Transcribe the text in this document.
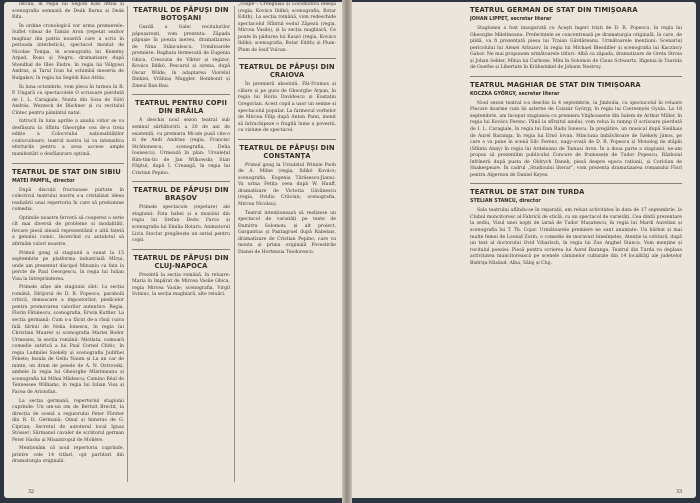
Istvan, în regia lui Segödi Kiss Attila și scenografia semnată de Deák Barna și Deák Rita.

În ordine cronologică vor urma premierele: Suflet viteaz de Tamás Aron (repetat sezitor maghiar din patria noastră care a scris în perioada interbelică), spectacol montat de Nicolae Tompa, în scenografia lui Kemény Arpad, Roșu și Negru, dramatizare după Stendhal de Illés Endre, în regia lui Völgyesi Andras, și Tarul Ivan lui schimbă meseria de Bulgakov, în regia lui Segödi Kiss Attila.

În luna octombrie, vom pleca în turneu în R. P. Ungară cu spectacolele O scrisoare pierdută de I. L. Caragiale, Nunta din Sosa de Sütö András, Wozzeck de Büchner și cu recitalul Cîntec pentru pămîntul natal.

Intrucît în luna aprilie a anului viitor se va desfășura la Sfîntu Gheorghe cea de-a treia ediție a Colocviului naționalităților conlocuitoare, teatrul nostru își va intensifica eforturile pentru a avea accese ample manifestări o desfășurare optimă.

TEATRUL DE STAT DIN SIBIU
MATEI PAMFIL, director

După discuții fructuoase purtate în colectivul teatrului nostru s-a cristalizat ideea realizării unui repertoriu în care să predomine comedia.

Optimile noastre ferveră să cooperez o serie cît mai diversă de probleme și modalități, fiecare piesă aleasă reprezentând o altă fațetă a genului comic, încercînd cu antidotul să afirmăm valori noastre.

Primul gong al stagiunii a sunat la 15 septembrie pe platforma industrială Mîrșa, unde am prezentat discipol Minuniu ca fata la percte de Paul Georgescu, în regia lui Iulian Visa la întreprinderea.

Primele afișe ale stagiunii sînt: 1a secția română, Dirijorul de D. R. Popescu, parabolă critică, demascare a impostorilor, piedicelor pentru promovarea valorilor autentice. Regia, Florin Fătulescu, scenografia, Erwin Kuttler. La secția germană: Cum s-a făcut de-a rîsul cuiva fală hîrtoii de Neka Ionescu, în regia lui Christian Maurer și scenografia Mariei Bodor Urmeanu, la secția română: Mistlata, comoară comedie satirică a lui Paul Cornel Chitic, în regia Ludmilei Szekély și scenografia Judithei Fekete; Insula de Gellu Naum și La un car de minte, un dram de pesele de A. N. Ostrovski, ambele în regia lui Gheorghe Miletineanu și scenografia lui Mihai Mădescu; Camino Réal de Tennessee Williams, în regia lui Iulian Visa și Pacea de Aristofan.

La secția germană, repertoriul stagiunii cuprinde: Un om-un om de Bertolt Brecht, la direcția de scenă a regizorului Peter Förster din R. D. Germană; Omul și himeras de G. Ciprian; Secretul de autoterul local Ignaz Stösser; Sărmanul cavaler de scriitorul german Peter Hacks și Misantropul de Molière.

Menționăm că noul repertoriu cuprinde, printre cele 14 titluri, opt partituri din dramaturgia originală.

TEATRUL DE PĂPUȘI DIN BOTOȘANI

Gazdă a Galei recitalurilor păpușarești, vom prezenta: Zăpada păpușie în poezia mereu, dramatizarea de Nina Stănculescu. Următoarele premiere: Baghata fermecată de Eugenia Ghica, Cresoizia de Viktor și regizor, Kovács Ildikó, Pescarul și sirena, după Oscar Wilde, în adaptarea Viorelul Ilinkiei, Vrăbiaș Muggler, Bombonit și Zmeul Ban-Bau.

TEATRUL PENTRU COPII DIN BRĂILA

A deschis noul sezon teatral sub semnul sărbătoririi a 30 de ani de existență, cu premiera Mi-am pusă cite-o zi de Andi Andrieș (regia, Francisc Strătionescu; scenografia, Delia Ioanescu). Urmează în plan: Ursulețul Rim-tim-tic de Jan Wilkowski; Stan Păţitul, după I. Creangă, în regia lui Cristian Pepino.

TEATRUL DE PĂPUȘI DIN BRAȘOV

Primele spectacole (repetare) ale stagiunii: Fata babei și a moșului din regia lui Ștefan Dedu Farca și scenografia lui Emilia Rotaru. Animatorul Liviu Stoclur pregătește un serial pentru copii.

TEATRUL DE PĂPUȘI DIN CLUJ-NAPOCA

Prezintă la secția română, în reluare: Maria în împărat de Mircea Vasile Ghica, regia Mircea Vasile; scenografia, Virgil Sviniuc, la secția maghiară, alte reluări.

„coupe”: Crengușia și Locomotiva leneşă (regia, Kovács Ildikó; scenografia, Botar Edith). La secția română, vom redeschide spectacolul Sfântul eodul Zăpezii (regia, Mircea Vasile), și la secția maghiară, Ce poate în pădurea lui Kaszó (regia, Kovács Ildikó; scenografia, Botar Edith) și Plum-Plum de Iosif Vulcan.

TEATRUL DE PĂPUȘI DIN CRAIOVA

În premieră absolută, Făt-Frumos și călare și pe gura de Gheorghe Arpan, în regia lui Horia Davidescu și Eustațiu Gregorian. Acest copil a ușor un semne și spectacolul popular. La farmecul vorbelor de Mircea Filip după Anton Pann, menit să întruchipeze o fragilă lume a poveștii, cu viziune de spectacol.

TEATRUL DE PĂPUȘI DIN CONSTANȚA

Primul gong la Ursulețul Winnie Pooh de A. Milne (regia, Ildikó Kovács; scenografia, Eugenia Tărăsescu-Jianu). Va urma Fetița ceea după W. Hauff, dramatizare de Victoria Găvănescu (regia, Ovidiu Crăciun; scenografia, Mircea Nicolau).

Teatrul intenționează să realizeze un spectacol de varietăți pe texte de Dumitru Solomon; și alt proiect, Gargantua și Pantagruel după Rabelais, dramatizare de Cristian Pepino, care va monta și prima originală Povestirile Dianei de Hortensia Teodorescu.

32
TEATRUL GERMAN DE STAT DIN TIMIȘOARA
JOHAN LIPPET, secretar literar

Stagiunea a fost inaugurată cu Aceşti îngeri triști de D. R. Popescu, în regia lui Gheorghe Miletineanu. Preferințele se concentrează pe dramaturgia originală, în care, de pildă, va fi prezentată piesa lui Traian Gărdăreanu. Următoarele mențiuni: Scenariul pericolului lui Alexei Arbuzov, în regia lui Michael Blesdiller și scenografia lui Kaczincy Gabor. Ne mai propunem următoarele titluri: Albă ca zăpada, dramatizare de Greta Stroia și Johan Sekler, Mînia lui Carbone, Mîni în Solomon de Claus Schwartz, Ifigenia în Taurida de Goethe și Libertate în Krähwinkel de Johann Nestroy.

TEATRUL MAGHIAR DE STAT DIN TIMIȘOARA
KOCZKA GYÖRGY, secretar literar

Noul sezon teatral s-a deschis la 4 septembrie, la Jimbolia, cu spectacolul în reluare Flecare doarme cum își așterne de Csiszár György, în regia lui Cseresnyés Gyula. La 18 septembrie, am început stagiunea cu premiera Vinjhoaserie din Salem de Arthur Miller, în regia lui Kovács Ferenc. Până la sfîrșitul anului, vom relua la ramnp O scrisoare pierdută de I. L. Caragiale, în regia lui Dan Radu Ionescu. În pregătire, un musical după Sieilhais de Aurel Baranga, în regia lui Ernö Iovan, Minciuna îmbăvătoare de Székely János, pe care o va pune în scenă Silc Ferenc, nagy-ovață de D. R. Popescu și Monolog de stăpîn (Sfânta Anny) în regia lui Ardeleanu de Tamasi Aron. În a doua parte a stagiunii, ne-am propus să prezentăm publicului Concurs de frumusețe de Tudor Popescu, Războiul înfrînerii după pusta de Oldrych Danek, piesă despre epoca rațiunii, și Coriolan de Shakespeare. În cadrul „Studioului literar”, vom prezenta dramatizarea romanului Flori pentru Algernon de Daniel Keyes.

TEATRUL DE STAT DIN TURDA
STELIAN STANCU, director

Sala teatrului aflîndu-se în reparații, am reluat activitatea în data de 17 septembrie, la Clubul muncitoresc al Fabricii de sticlă, cu un spectacol de varietăți. Cea dintîi prezentare la sediu, Visul unei nopți de iarnă de Tudor Mușatescu, în regia lui Mardi Aurelian și scenografia lui T. Th. Cojar. Următoarele premiere ne sunt anunțate: Un bărbat și mai multe femei de Leonid Zorin, o comedie de moravuri bineînţeles, Atenție la cotitură, după un text al doctorului Ovid Vibarisch, în regia lui Zoe Anghel Stanca. Vom menţine și recitalul poeziei: Piesă pentru scrierea lui Aurel Baranga. Teatrul din Turda va deplasa activitatea muncitorească pe scenele căminelor culturale din 14 localităţi ale județelor Bistriţa-Năsăud, Alba, Sălaj și Cluj.

33
